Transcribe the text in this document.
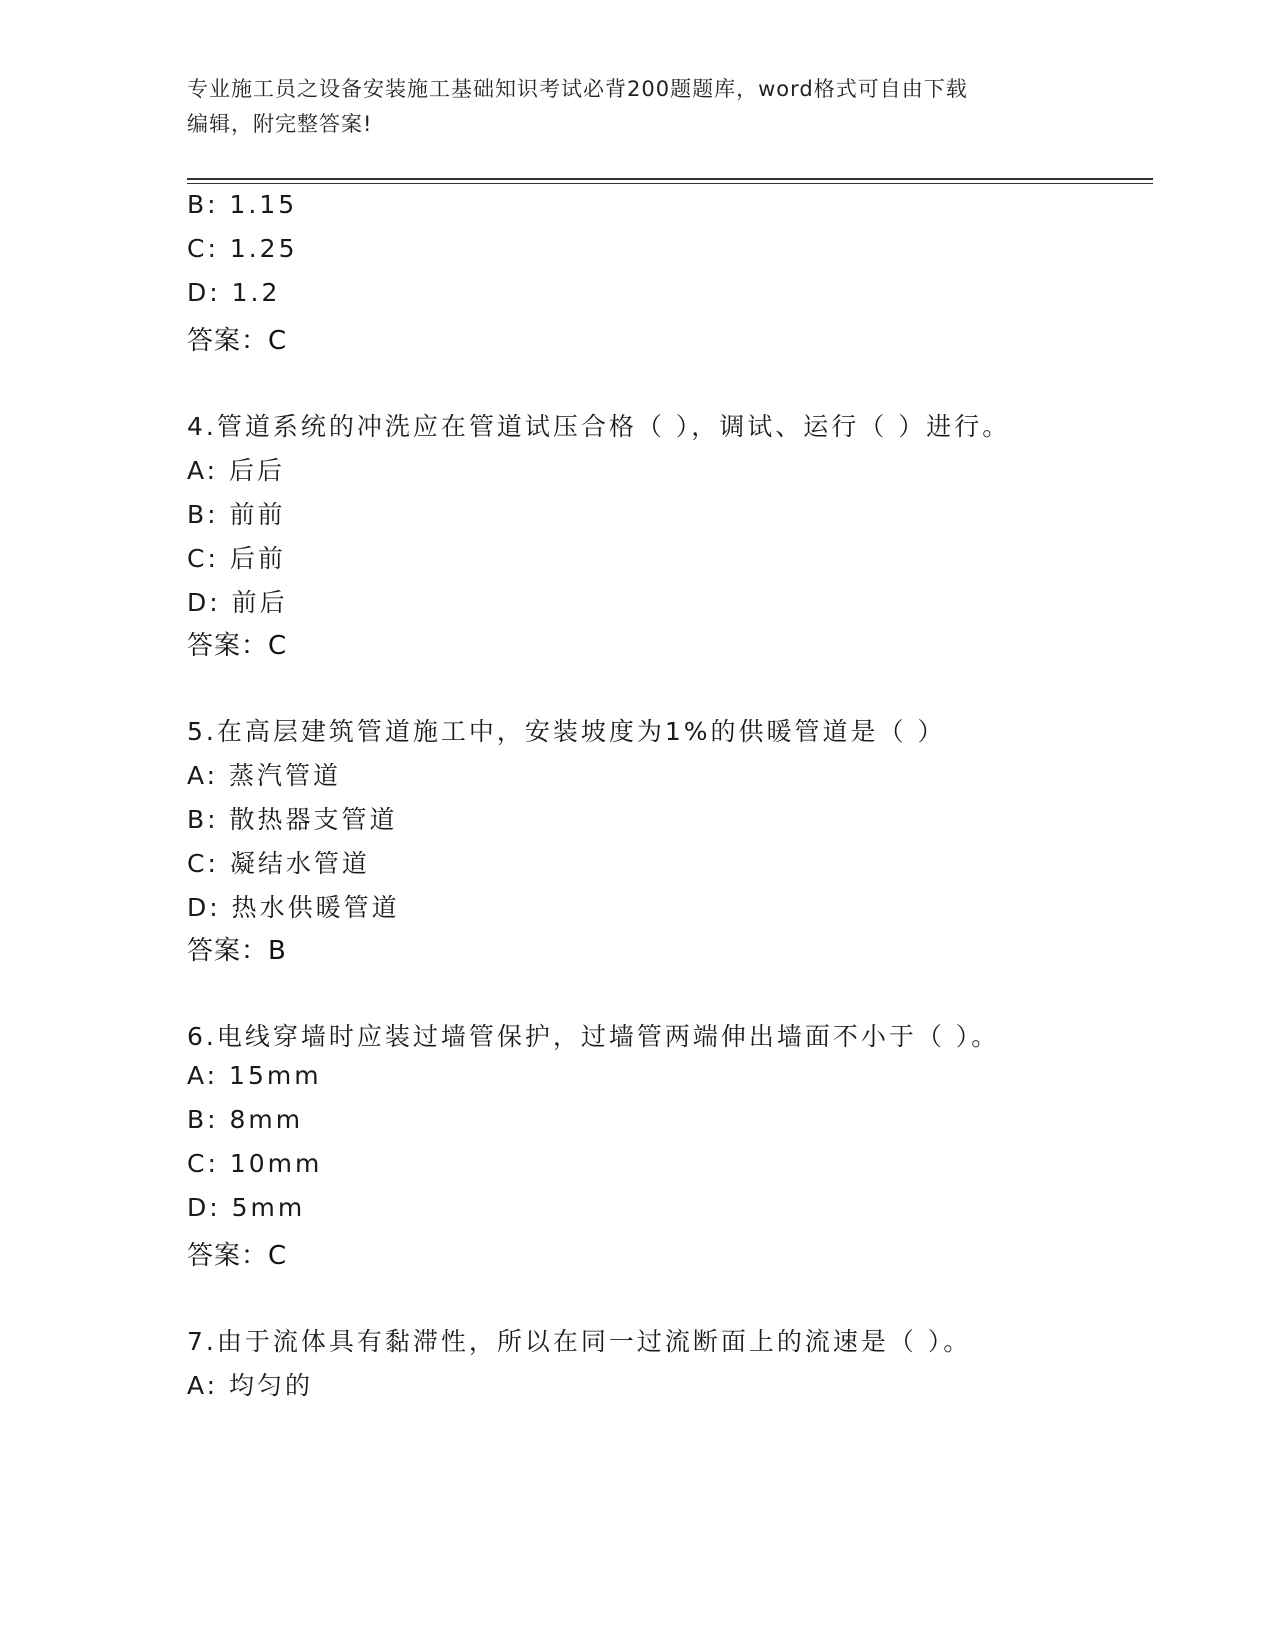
专业施工员之设备安装施工基础知识考试必背200题题库，word格式可自由下载
编辑，附完整答案!
B: 1.15
C: 1.25
D: 1.2
答案：C
4.管道系统的冲洗应在管道试压合格（ ），调试、运行（ ）进行。
A: 后后
B: 前前
C: 后前
D: 前后
答案：C
5.在高层建筑管道施工中，安装坡度为1%的供暖管道是（ ）
A: 蒸汽管道
B: 散热器支管道
C: 凝结水管道
D: 热水供暖管道
答案：B
6.电线穿墙时应装过墙管保护，过墙管两端伸出墙面不小于（ ）。
A: 15mm
B: 8mm
C: 10mm
D: 5mm
答案：C
7.由于流体具有黏滞性，所以在同一过流断面上的流速是（ ）。
A: 均匀的
